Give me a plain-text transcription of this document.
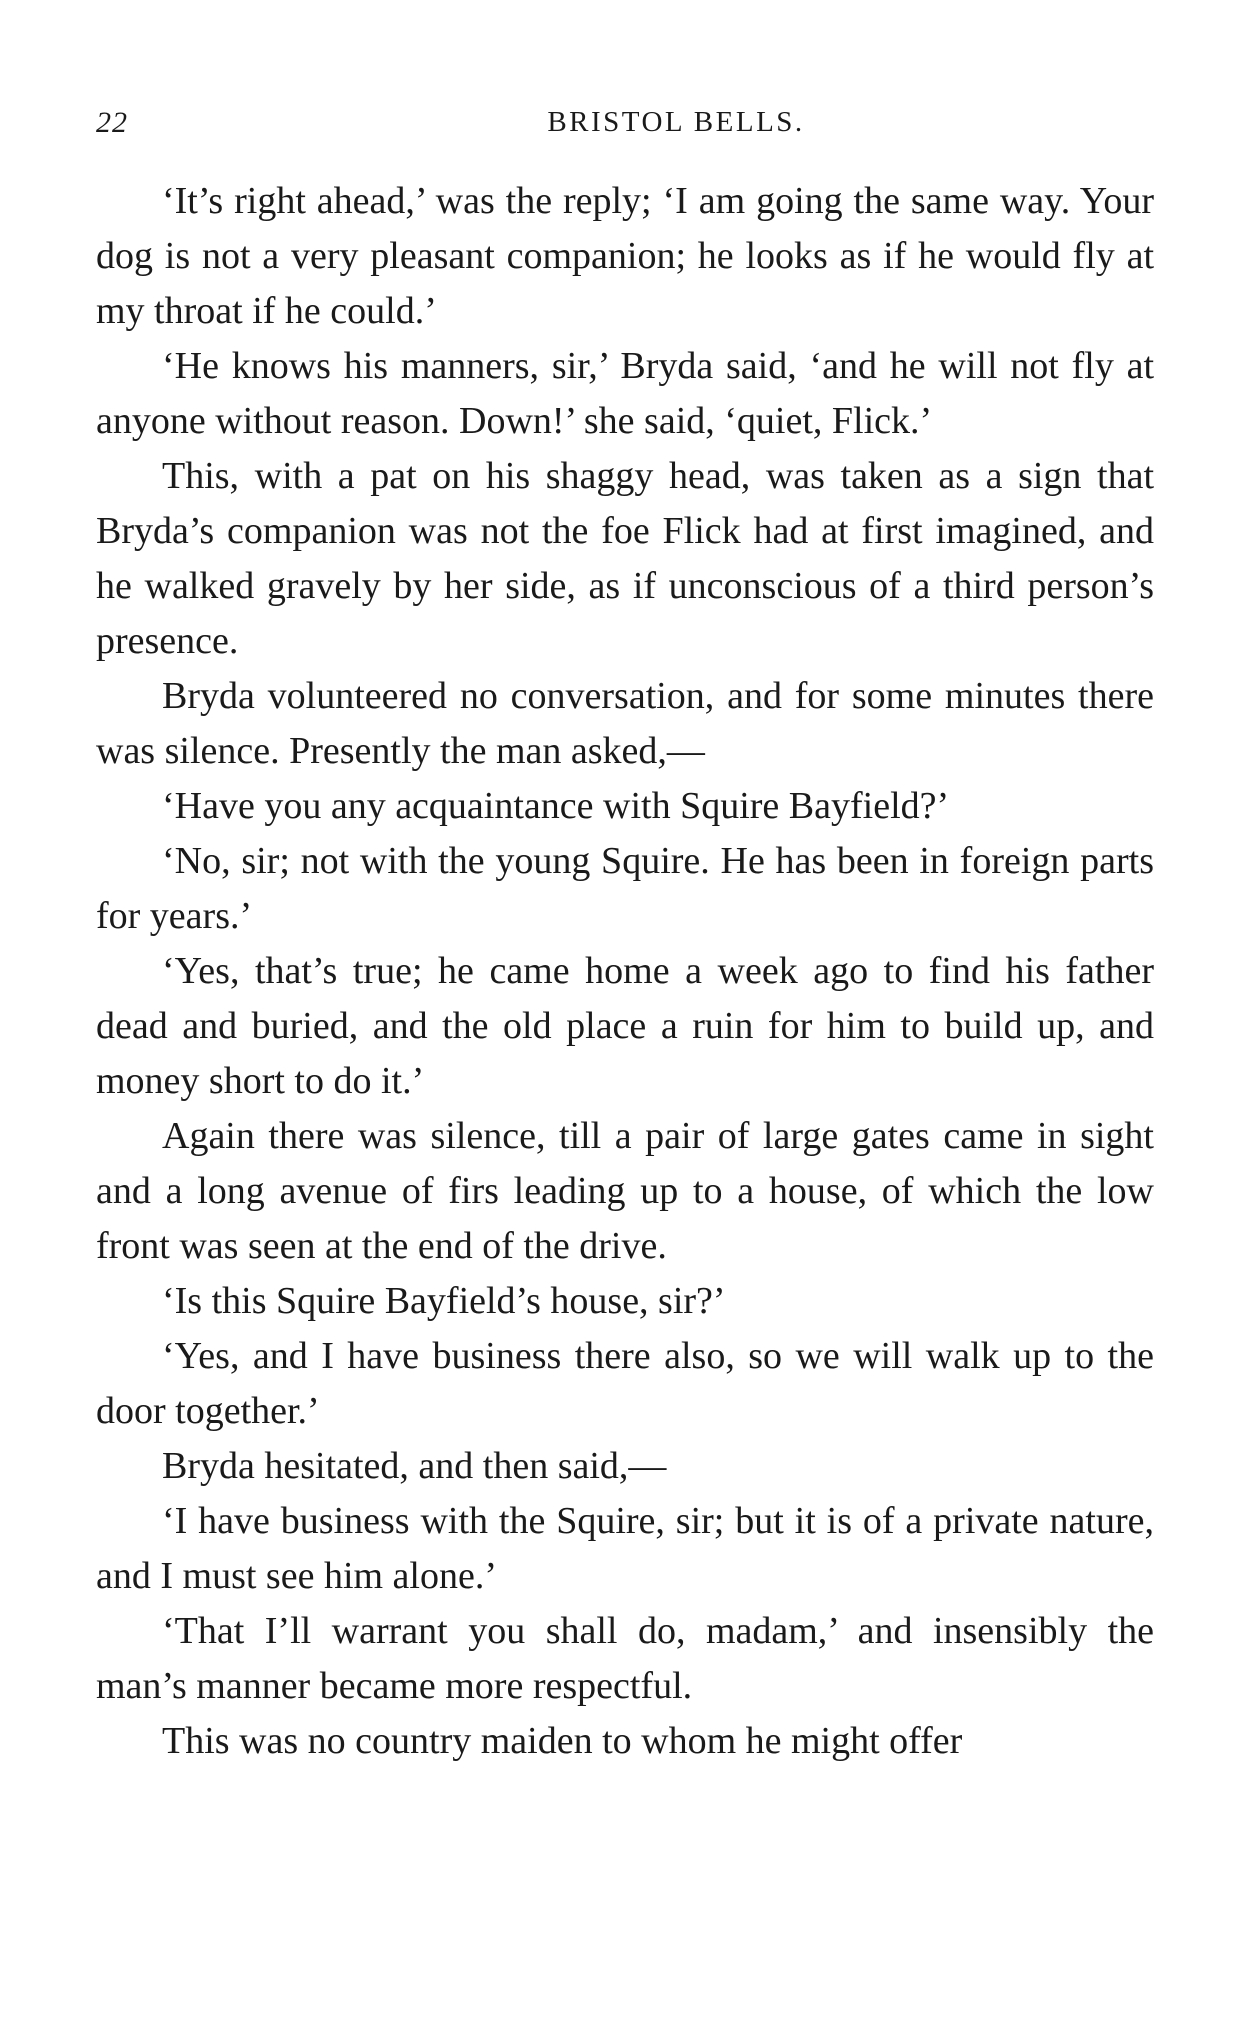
22	BRISTOL BELLS.

‘It’s right ahead,’ was the reply; ‘I am going the same way. Your dog is not a very pleasant companion; he looks as if he would fly at my throat if he could.’

‘He knows his manners, sir,’ Bryda said, ‘and he will not fly at anyone without reason. Down!’ she said, ‘quiet, Flick.’

This, with a pat on his shaggy head, was taken as a sign that Bryda’s companion was not the foe Flick had at first imagined, and he walked gravely by her side, as if unconscious of a third person’s presence.

Bryda volunteered no conversation, and for some minutes there was silence. Presently the man asked,—

‘Have you any acquaintance with Squire Bayfield?’

‘No, sir; not with the young Squire. He has been in foreign parts for years.’

‘Yes, that’s true; he came home a week ago to find his father dead and buried, and the old place a ruin for him to build up, and money short to do it.’

Again there was silence, till a pair of large gates came in sight and a long avenue of firs leading up to a house, of which the low front was seen at the end of the drive.

‘Is this Squire Bayfield’s house, sir?’

‘Yes, and I have business there also, so we will walk up to the door together.’

Bryda hesitated, and then said,—

‘I have business with the Squire, sir; but it is of a private nature, and I must see him alone.’

‘That I’ll warrant you shall do, madam,’ and insensibly the man’s manner became more respectful.

This was no country maiden to whom he might offer
